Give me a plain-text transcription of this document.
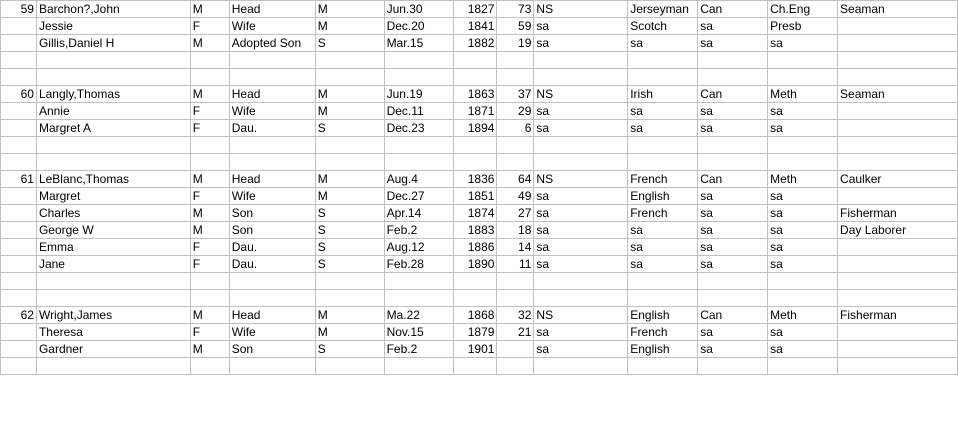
59	Barchon?,John	M	Head	M	Jun.30	1827	73	NS	Jerseyman	Can	Ch.Eng	Seaman
	Jessie	F	Wife	M	Dec.20	1841	59	sa	Scotch	sa	Presb	
	Gillis,Daniel H	M	Adopted Son	S	Mar.15	1882	19	sa	sa	sa	sa	

60	Langly,Thomas	M	Head	M	Jun.19	1863	37	NS	Irish	Can	Meth	Seaman
	Annie	F	Wife	M	Dec.11	1871	29	sa	sa	sa	sa	
	Margret A	F	Dau.	S	Dec.23	1894	6	sa	sa	sa	sa	

61	LeBlanc,Thomas	M	Head	M	Aug.4	1836	64	NS	French	Can	Meth	Caulker
	Margret	F	Wife	M	Dec.27	1851	49	sa	English	sa	sa	
	Charles	M	Son	S	Apr.14	1874	27	sa	French	sa	sa	Fisherman
	George W	M	Son	S	Feb.2	1883	18	sa	sa	sa	sa	Day Laborer
	Emma	F	Dau.	S	Aug.12	1886	14	sa	sa	sa	sa	
	Jane	F	Dau.	S	Feb.28	1890	11	sa	sa	sa	sa	

62	Wright,James	M	Head	M	Ma.22	1868	32	NS	English	Can	Meth	Fisherman
	Theresa	F	Wife	M	Nov.15	1879	21	sa	French	sa	sa	
	Gardner	M	Son	S	Feb.2	1901		sa	English	sa	sa	
